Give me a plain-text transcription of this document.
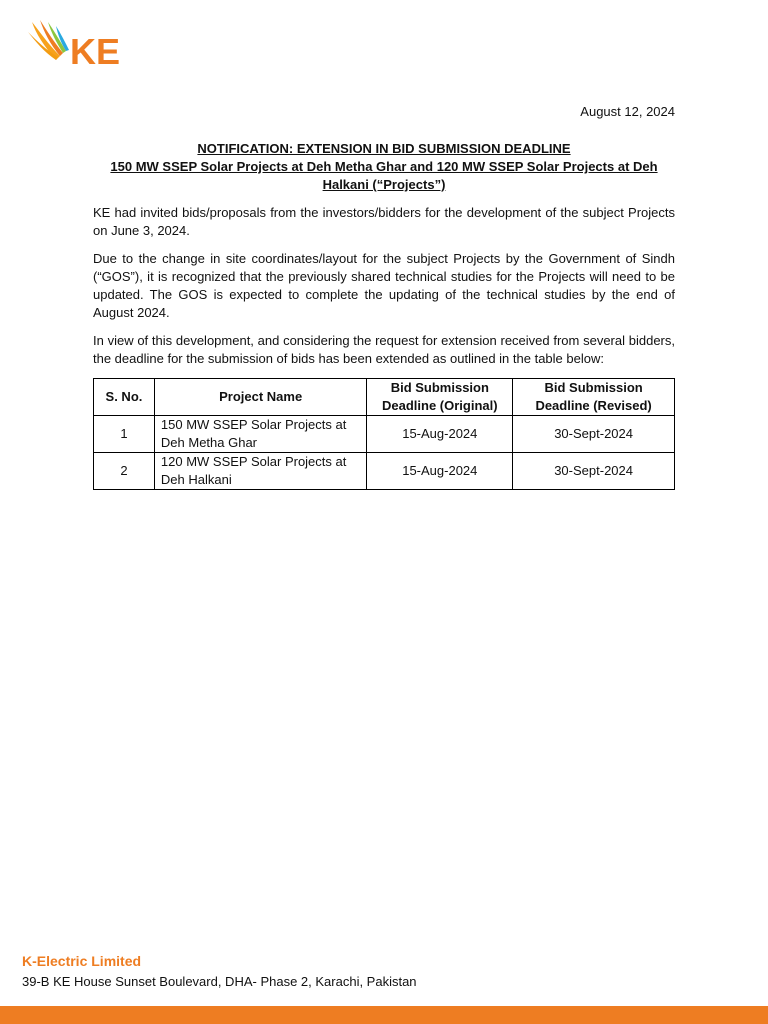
KE
August 12, 2024

NOTIFICATION: EXTENSION IN BID SUBMISSION DEADLINE

150 MW SSEP Solar Projects at Deh Metha Ghar and 120 MW SSEP Solar Projects at Deh Halkani (“Projects”)

KE had invited bids/proposals from the investors/bidders for the development of the subject Projects on June 3, 2024.

Due to the change in site coordinates/layout for the subject Projects by the Government of Sindh (“GOS”), it is recognized that the previously shared technical studies for the Projects will need to be updated. The GOS is expected to complete the updating of the technical studies by the end of August 2024.

In view of this development, and considering the request for extension received from several bidders, the deadline for the submission of bids has been extended as outlined in the table below:

S. No.	Project Name	Bid Submission Deadline (Original)	Bid Submission Deadline (Revised)
1	150 MW SSEP Solar Projects at Deh Metha Ghar	15-Aug-2024	30-Sept-2024
2	120 MW SSEP Solar Projects at Deh Halkani	15-Aug-2024	30-Sept-2024
K-Electric Limited
39-B KE House Sunset Boulevard, DHA- Phase 2, Karachi, Pakistan
